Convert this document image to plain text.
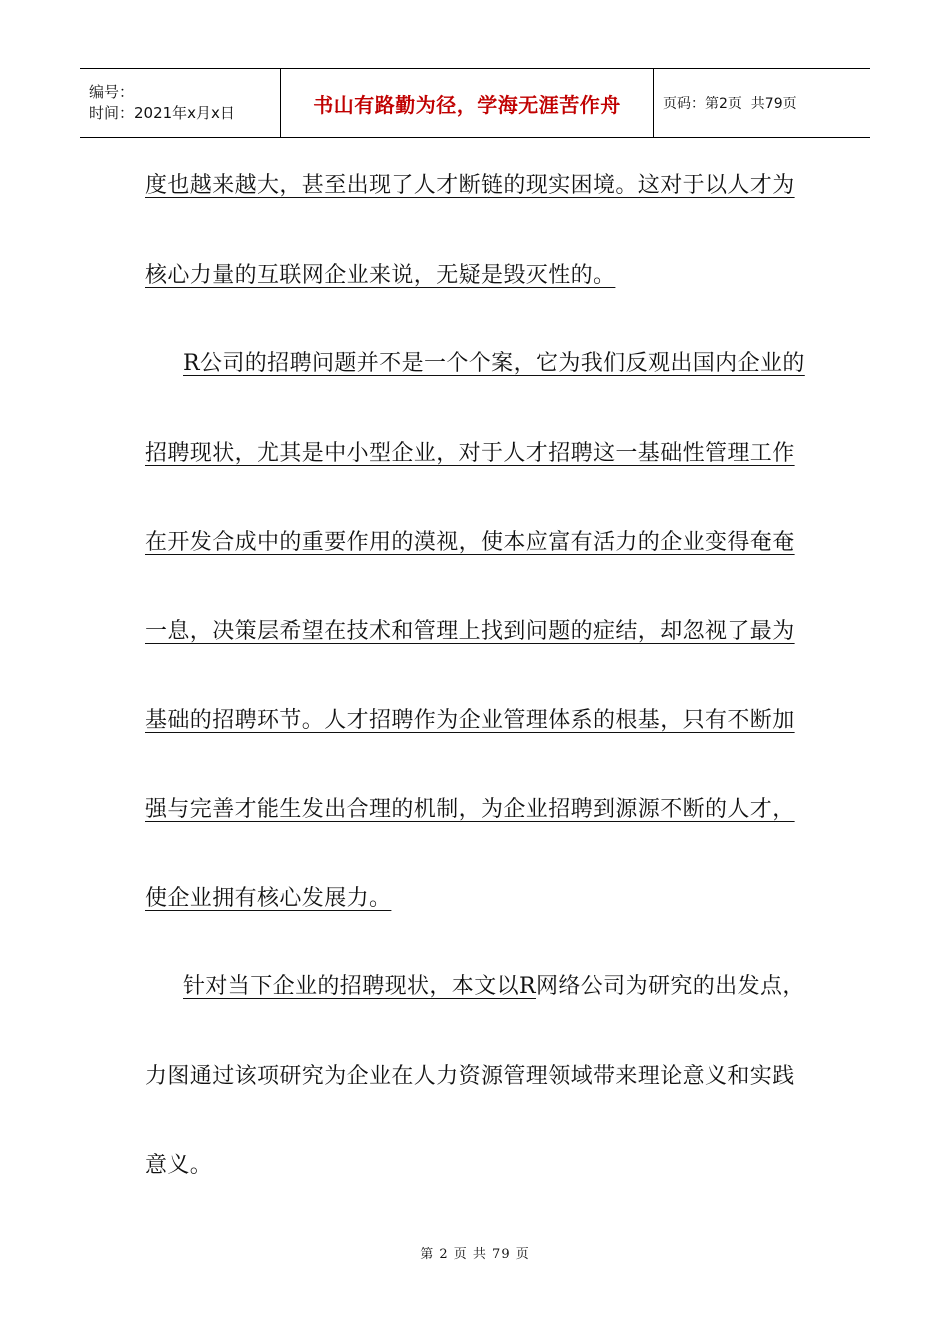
编号：
时间：2021年x月x日	书山有路勤为径，学海无涯苦作舟	页码：第2页  共79页
度也越来越大，甚至出现了人才断链的现实困境。这对于以人才为
核心力量的互联网企业来说，无疑是毁灭性的。
R公司的招聘问题并不是一个个案，它为我们反观出国内企业的
招聘现状，尤其是中小型企业，对于人才招聘这一基础性管理工作
在开发合成中的重要作用的漠视，使本应富有活力的企业变得奄奄
一息，决策层希望在技术和管理上找到问题的症结，却忽视了最为
基础的招聘环节。人才招聘作为企业管理体系的根基，只有不断加
强与完善才能生发出合理的机制，为企业招聘到源源不断的人才，
使企业拥有核心发展力。
针对当下企业的招聘现状，本文以R网络公司为研究的出发点，
力图通过该项研究为企业在人力资源管理领域带来理论意义和实践
意义。
第 2 页 共 79 页
